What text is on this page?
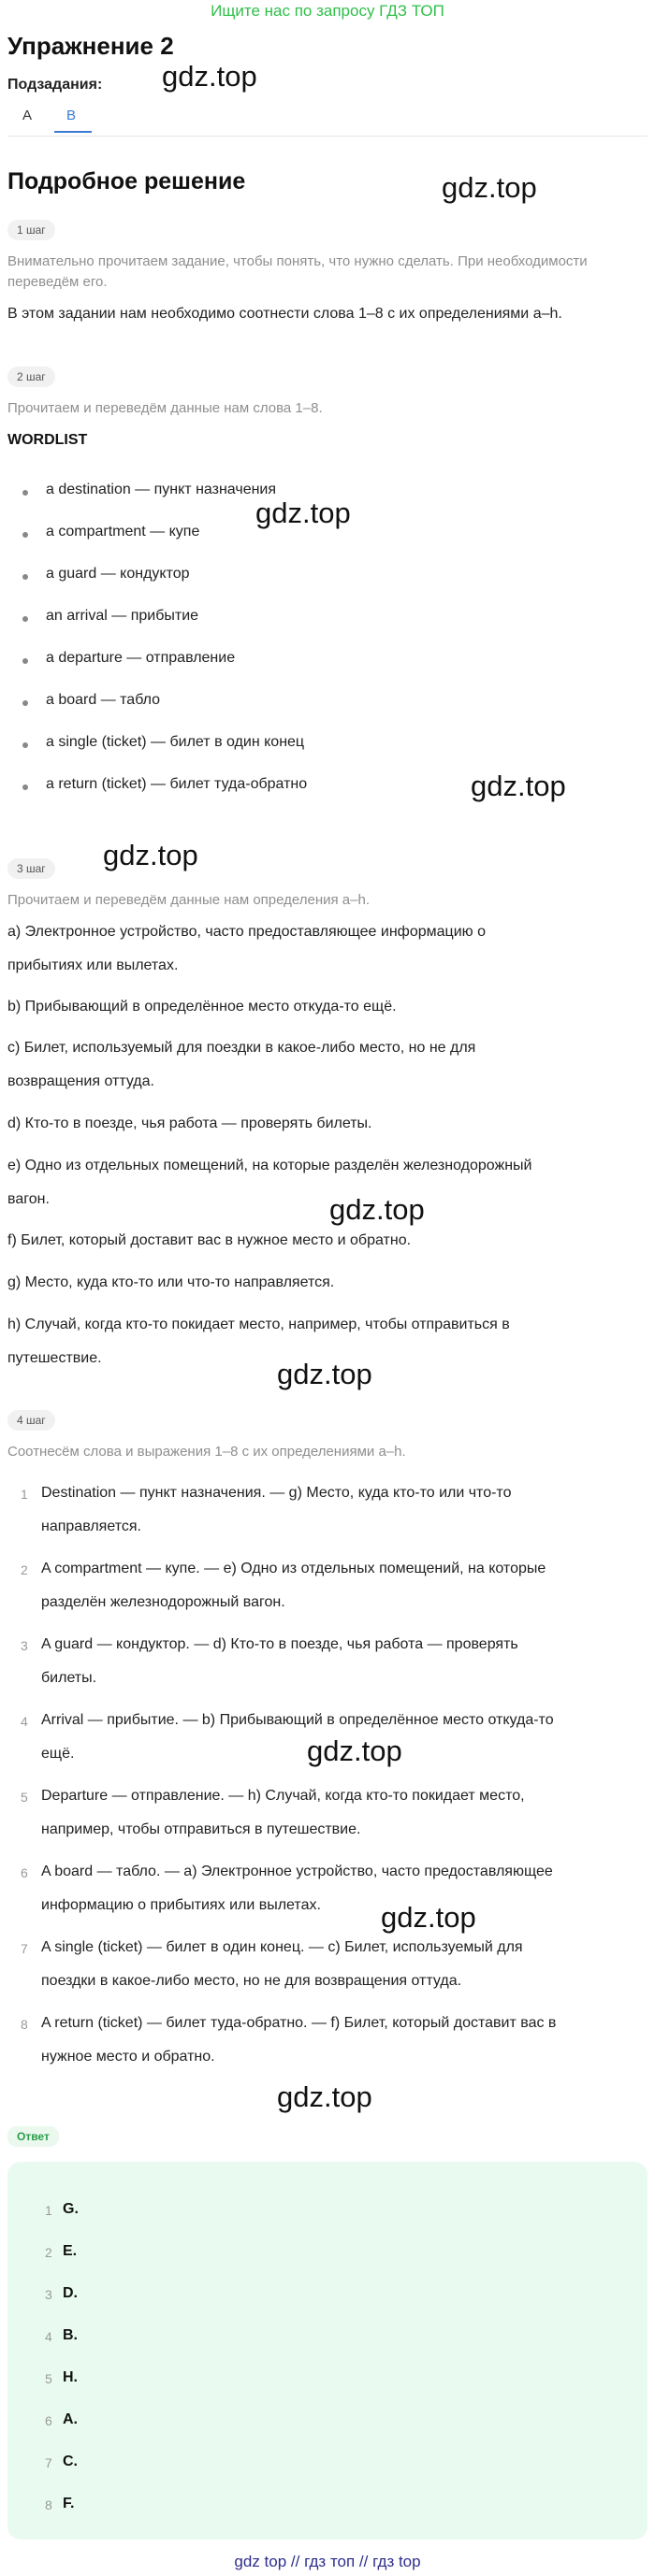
Ищите нас по запросу ГДЗ ТОП
Упражнение 2
Подзадания:
A B
Подробное решение
gdz.top
gdz.top
gdz.top
gdz.top
gdz.top
gdz.top
gdz.top
gdz.top
gdz.top
gdz.top
1 шаг
Внимательно прочитаем задание, чтобы понять, что нужно сделать. При необходимости
переведём его.
В этом задании нам необходимо соотнести слова 1–8 с их определениями a–h.
2 шаг
Прочитаем и переведём данные нам слова 1–8.
WORDLIST
a destination — пункт назначения
a compartment — купе
a guard — кондуктор
an arrival — прибытие
a departure — отправление
a board — табло
a single (ticket) — билет в один конец
a return (ticket) — билет туда-обратно
3 шаг
Прочитаем и переведём данные нам определения a–h.
a) Электронное устройство, часто предоставляющее информацию о
прибытиях или вылетах.
b) Прибывающий в определённое место откуда-то ещё.
c) Билет, используемый для поездки в какое-либо место, но не для
возвращения оттуда.
d) Кто-то в поезде, чья работа — проверять билеты.
e) Одно из отдельных помещений, на которые разделён железнодорожный
вагон.
f) Билет, который доставит вас в нужное место и обратно.
g) Место, куда кто-то или что-то направляется.
h) Случай, когда кто-то покидает место, например, чтобы отправиться в
путешествие.
4 шаг
Соотнесём слова и выражения 1–8 с их определениями a–h.
1 Destination — пункт назначения. — g) Место, куда кто-то или что-то
направляется.
2 A compartment — купе. — e) Одно из отдельных помещений, на которые
разделён железнодорожный вагон.
3 A guard — кондуктор. — d) Кто-то в поезде, чья работа — проверять
билеты.
4 Arrival — прибытие. — b) Прибывающий в определённое место откуда-то
ещё.
5 Departure — отправление. — h) Случай, когда кто-то покидает место,
например, чтобы отправиться в путешествие.
6 A board — табло. — a) Электронное устройство, часто предоставляющее
информацию о прибытиях или вылетах.
7 A single (ticket) — билет в один конец. — c) Билет, используемый для
поездки в какое-либо место, но не для возвращения оттуда.
8 A return (ticket) — билет туда-обратно. — f) Билет, который доставит вас в
нужное место и обратно.
Ответ
1 G.
2 E.
3 D.
4 B.
5 H.
6 A.
7 C.
8 F.
gdz top // гдз топ // гдз top
